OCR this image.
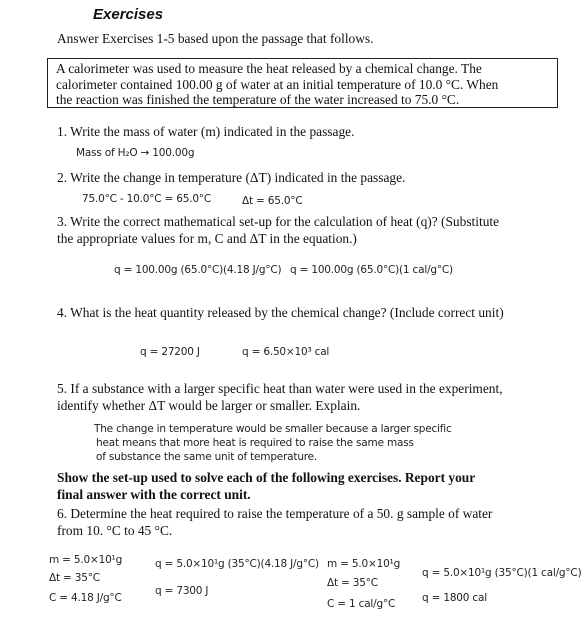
Exercises
Answer Exercises 1-5 based upon the passage that follows.
A calorimeter was used to measure the heat released by a chemical change. The
calorimeter contained 100.00 g of water at an initial temperature of 10.0 °C. When
the reaction was finished the temperature of the water increased to 75.0 °C.
1. Write the mass of water (m) indicated in the passage.
Mass of H₂O → 100.00g
2. Write the change in temperature (ΔT) indicated in the passage.
75.0°C - 10.0°C = 65.0°C	Δt = 65.0°C
3. Write the correct mathematical set-up for the calculation of heat (q)? (Substitute
the appropriate values for m, C and ΔT in the equation.)
q = 100.00g (65.0°C)(4.18 J/g°C) q = 100.00g (65.0°C)(1 cal/g°C)
4. What is the heat quantity released by the chemical change? (Include correct unit)
q = 27200 J	q = 6.50×10³ cal
5. If a substance with a larger specific heat than water were used in the experiment,
identify whether ΔT would be larger or smaller. Explain.
The change in temperature would be smaller because a larger specific
heat means that more heat is required to raise the same mass
of substance the same unit of temperature.
Show the set-up used to solve each of the following exercises. Report your
final answer with the correct unit.
6. Determine the heat required to raise the temperature of a 50. g sample of water
from 10. °C to 45 °C.
m = 5.0×10¹g
Δt = 35°C
C = 4.18 J/g°C
q = 5.0×10¹g (35°C)(4.18 J/g°C)
q = 7300 J
m = 5.0×10¹g
Δt = 35°C
C = 1 cal/g°C
q = 5.0×10¹g (35°C)(1 cal/g°C)
q = 1800 cal
